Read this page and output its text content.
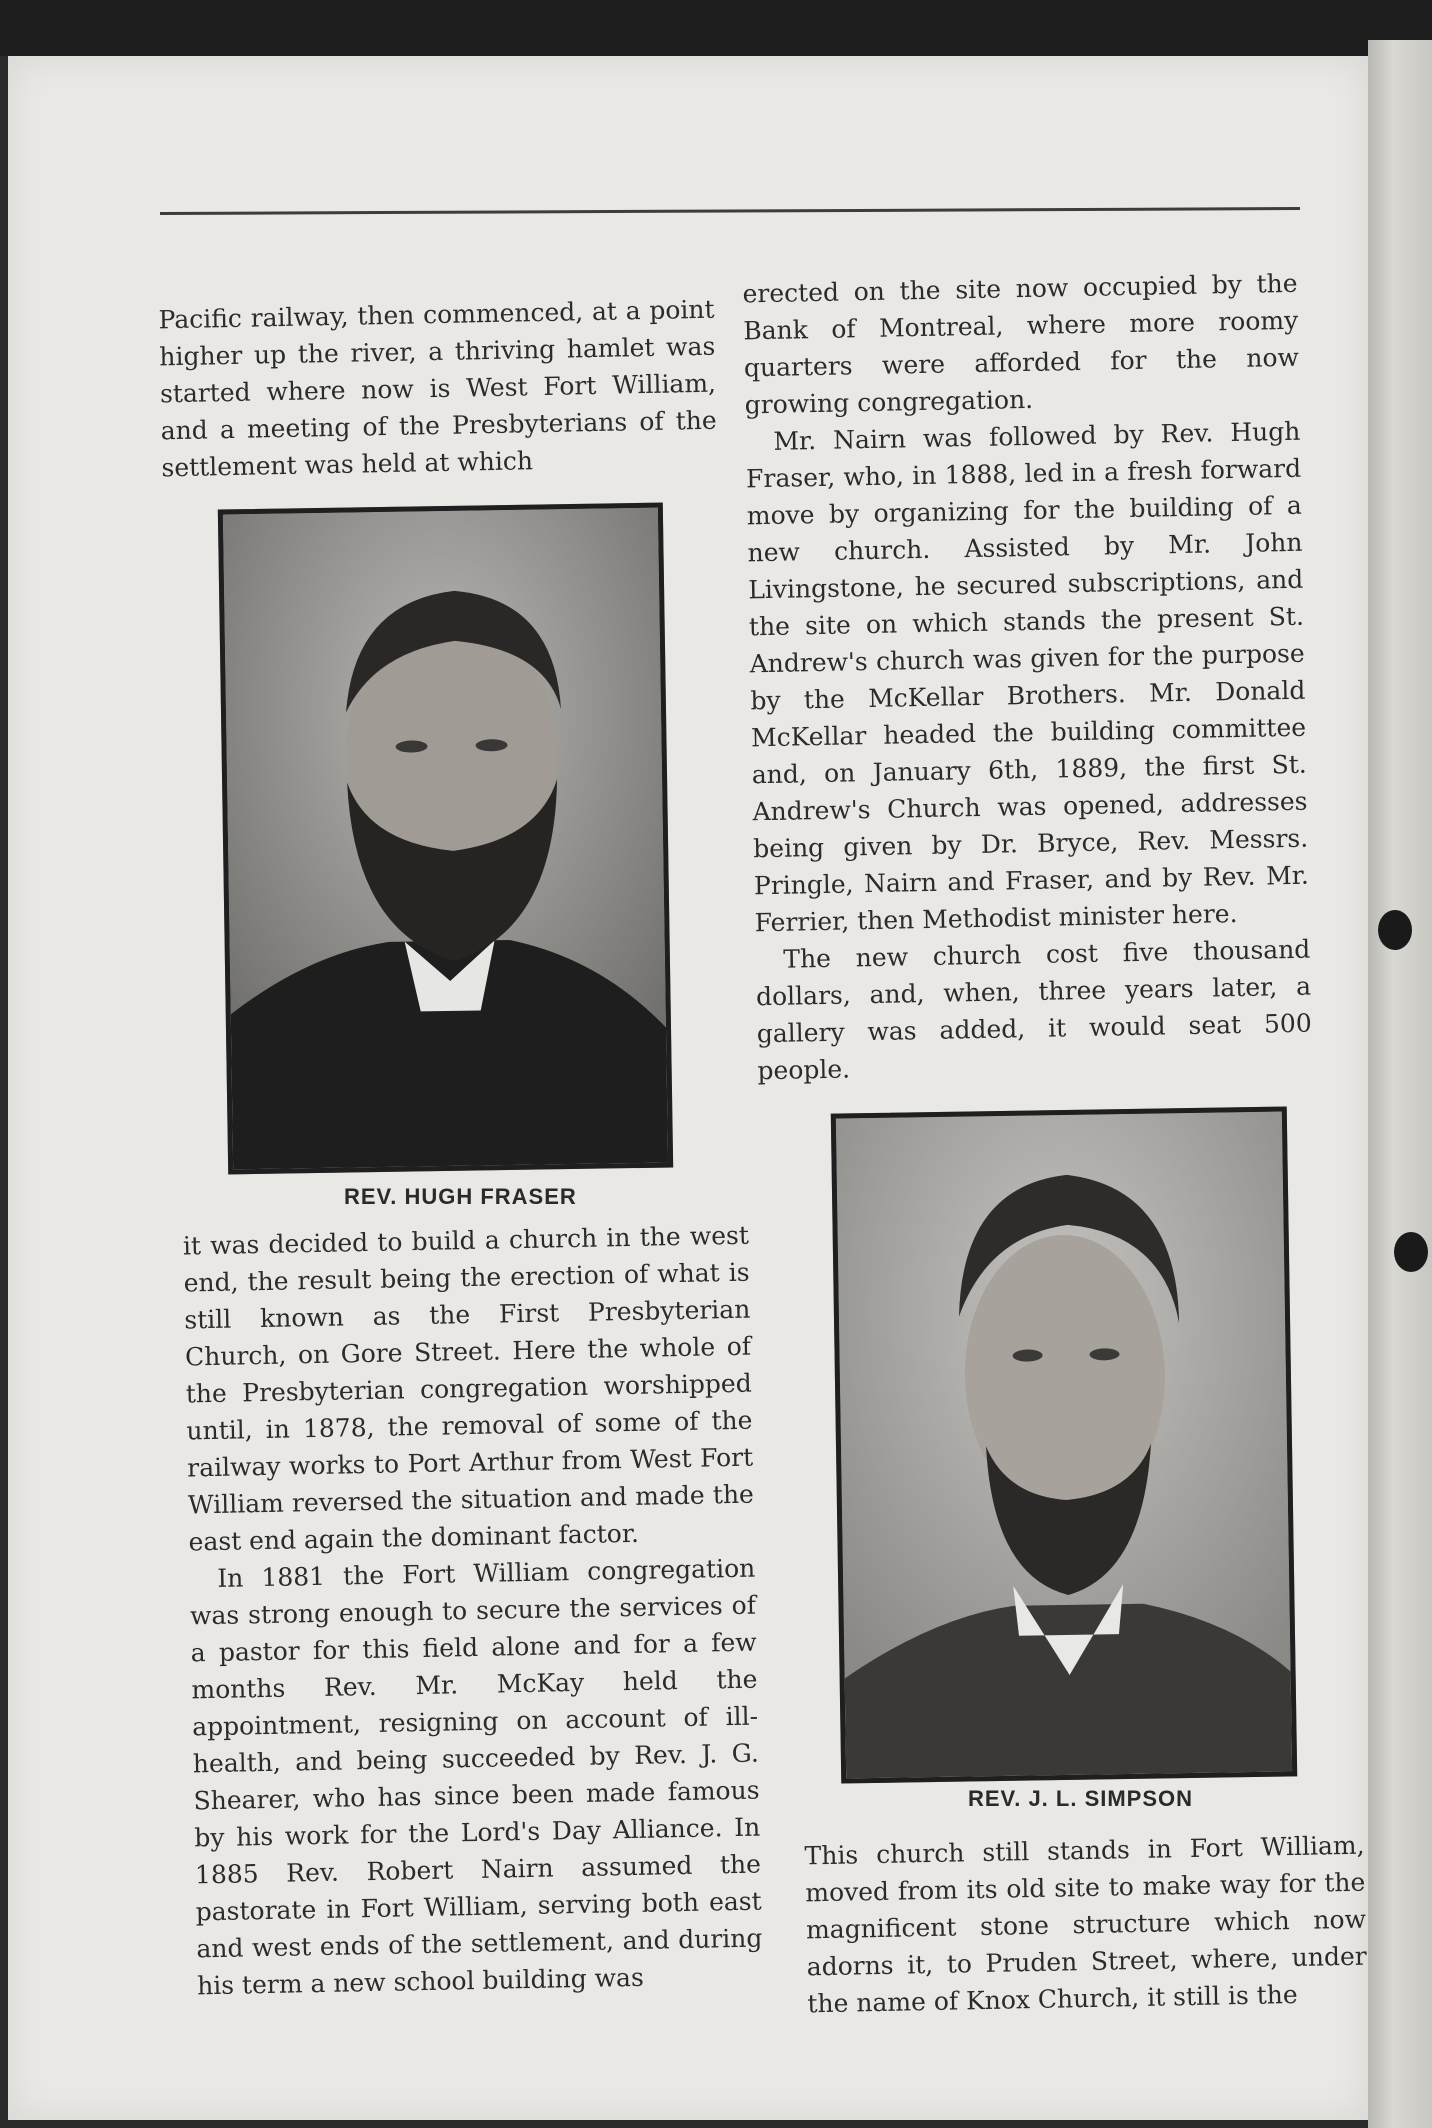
Pacific railway, then commenced, at a point higher up the river, a thriving hamlet was started where now is West Fort William, and a meeting of the Presbyterians of the settlement was held at which

erected on the site now occupied by the Bank of Montreal, where more roomy quarters were afforded for the now growing congregation.

Mr. Nairn was followed by Rev. Hugh Fraser, who, in 1888, led in a fresh forward move by organizing for the building of a new church. Assisted by Mr. John Livingstone, he secured subscriptions, and the site on which stands the present St. Andrew's church was given for the purpose by the McKellar Brothers. Mr. Donald McKellar headed the building committee and, on January 6th, 1889, the first St. Andrew's Church was opened, addresses being given by Dr. Bryce, Rev. Messrs. Pringle, Nairn and Fraser, and by Rev. Mr. Ferrier, then Methodist minister here.

The new church cost five thousand dollars, and, when, three years later, a gallery was added, it would seat 500 people.

REV. HUGH FRASER

it was decided to build a church in the west end, the result being the erection of what is still known as the First Presbyterian Church, on Gore Street. Here the whole of the Presbyterian congregation worshipped until, in 1878, the removal of some of the railway works to Port Arthur from West Fort William reversed the situation and made the east end again the dominant factor.

In 1881 the Fort William congregation was strong enough to secure the services of a pastor for this field alone and for a few months Rev. Mr. McKay held the appointment, resigning on account of ill-health, and being succeeded by Rev. J. G. Shearer, who has since been made famous by his work for the Lord's Day Alliance. In 1885 Rev. Robert Nairn assumed the pastorate in Fort William, serving both east and west ends of the settlement, and during his term a new school building was

REV. J. L. SIMPSON

This church still stands in Fort William, moved from its old site to make way for the magnificent stone structure which now adorns it, to Pruden Street, where, under the name of Knox Church, it still is the
